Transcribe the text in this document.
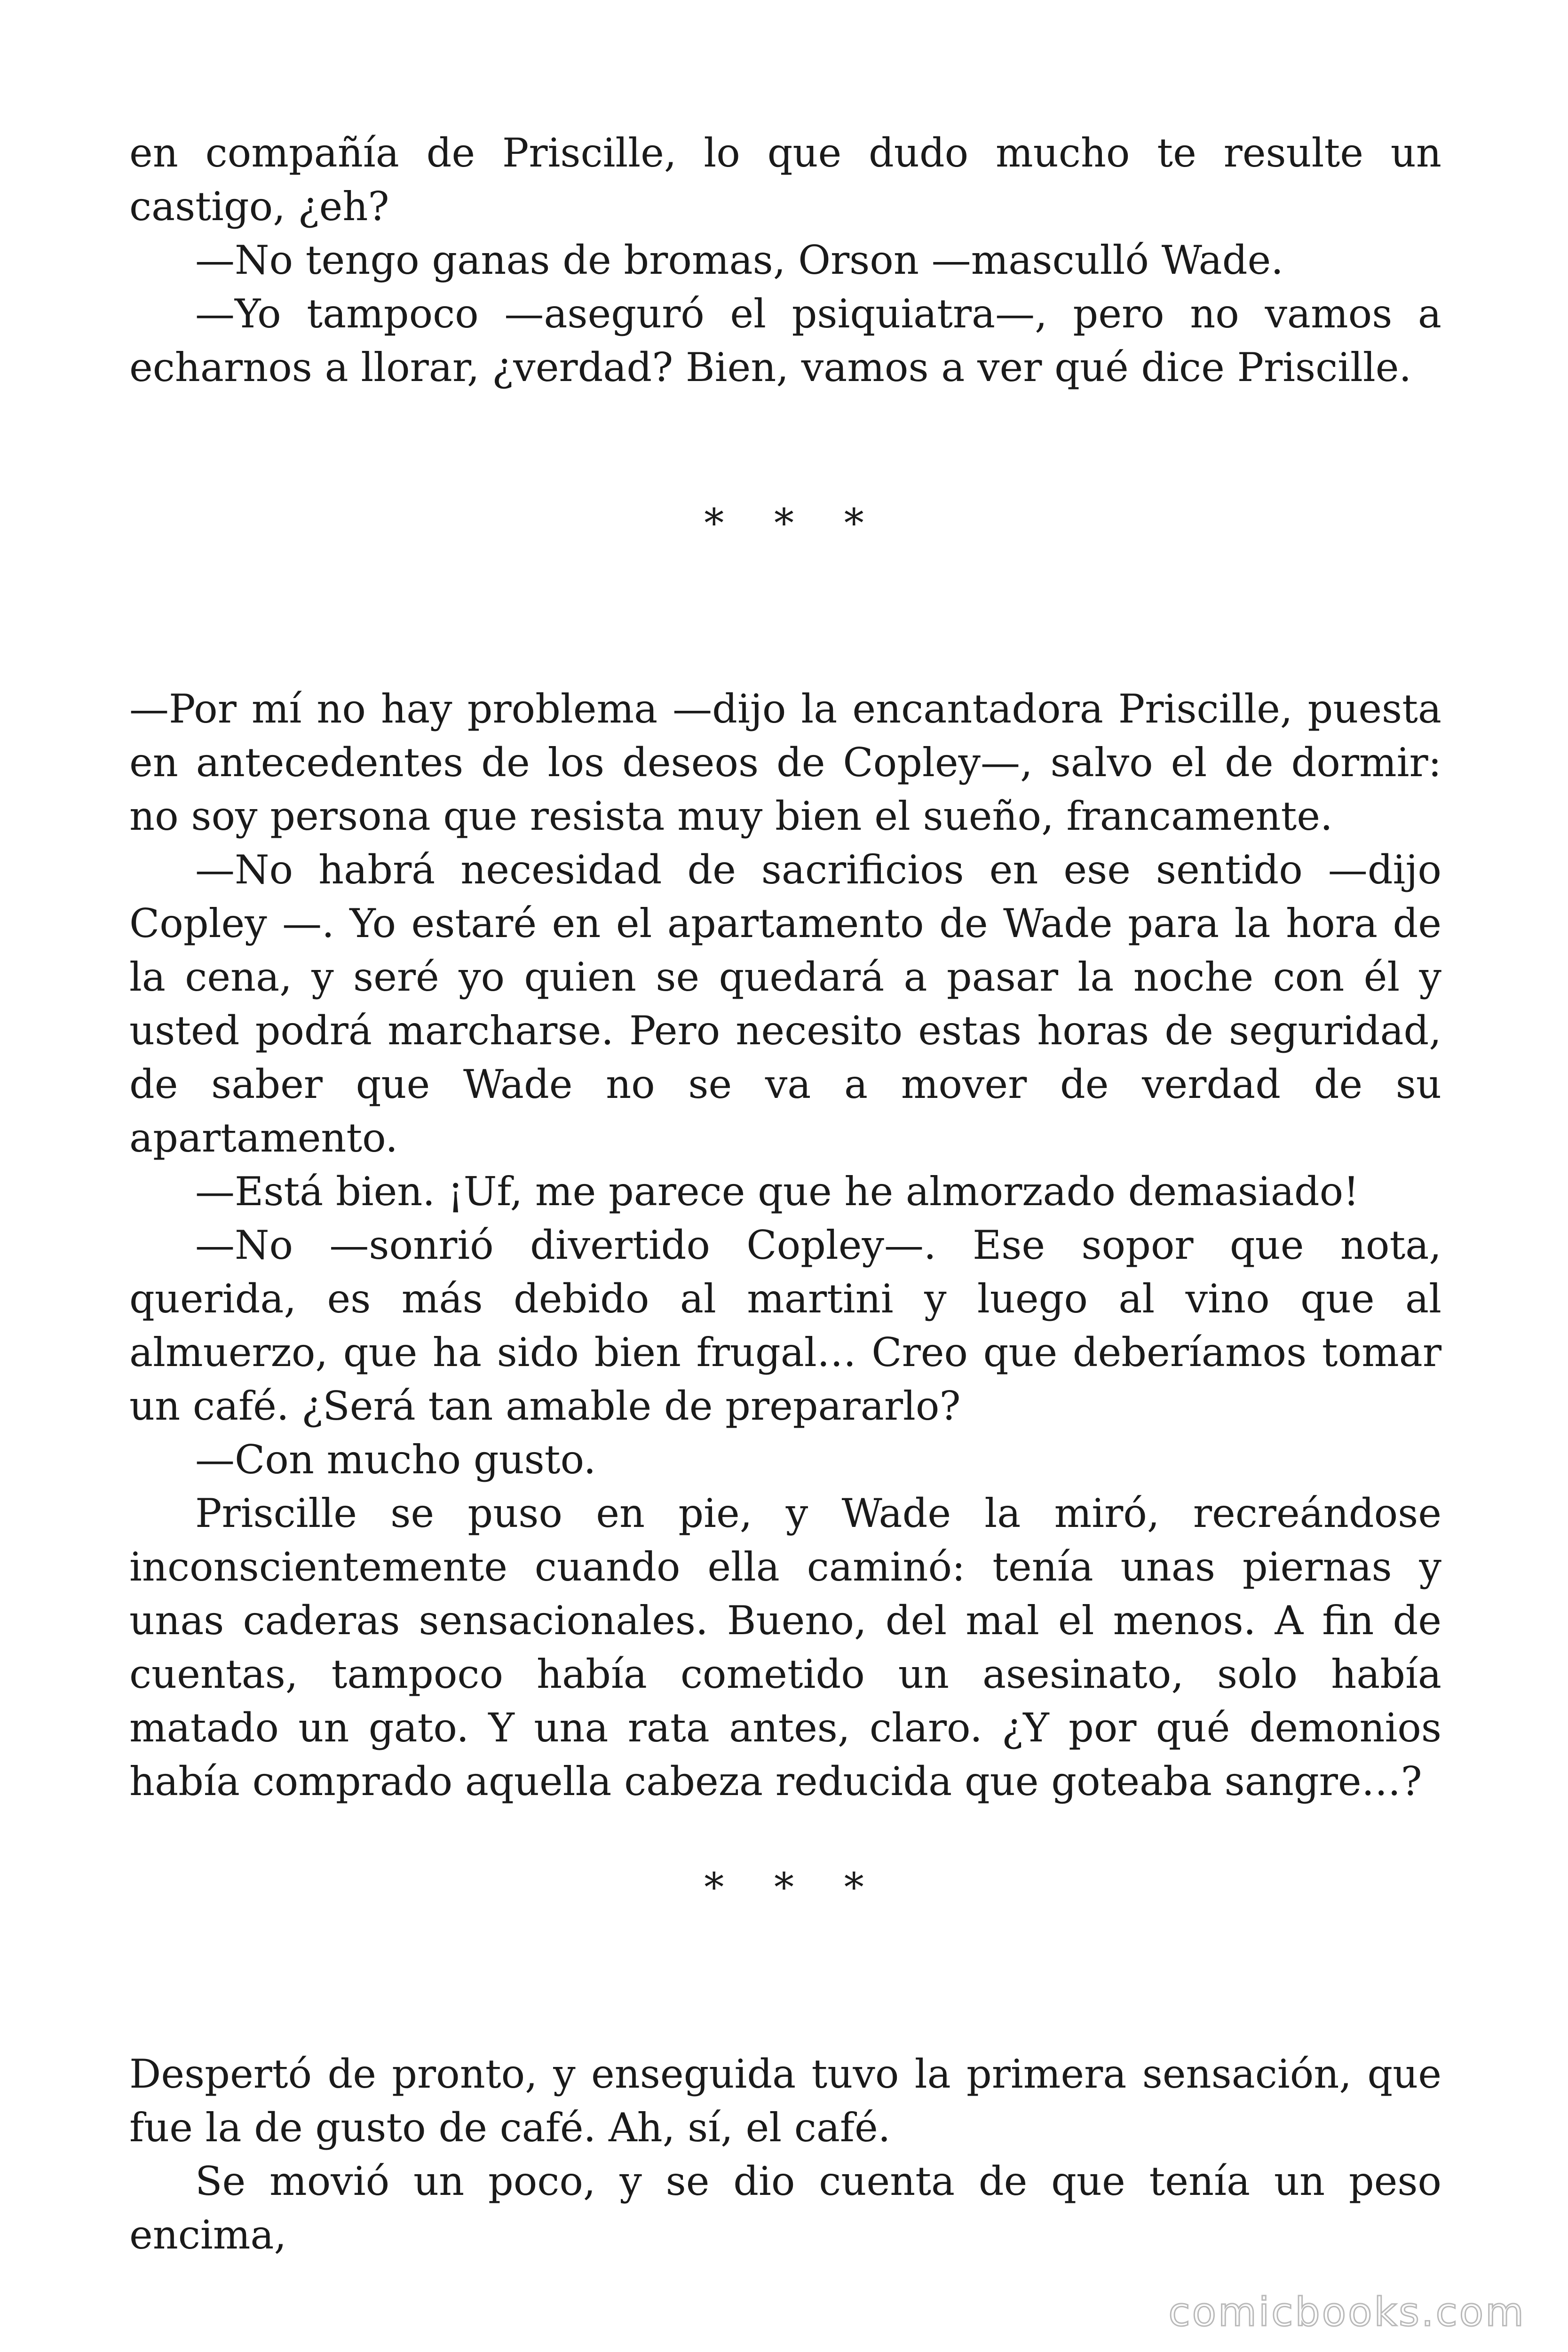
en compañía de Priscille, lo que dudo mucho te resulte un castigo, ¿eh?

—No tengo ganas de bromas, Orson —masculló Wade.

—Yo tampoco —aseguró el psiquiatra—, pero no vamos a echarnos a llorar, ¿verdad? Bien, vamos a ver qué dice Priscille.

* * *

—Por mí no hay problema —dijo la encantadora Priscille, puesta en antecedentes de los deseos de Copley—, salvo el de dormir: no soy persona que resista muy bien el sueño, francamente.

—No habrá necesidad de sacrificios en ese sentido —dijo Copley —. Yo estaré en el apartamento de Wade para la hora de la cena, y seré yo quien se quedará a pasar la noche con él y usted podrá marcharse. Pero necesito estas horas de seguridad, de saber que Wade no se va a mover de verdad de su apartamento.

—Está bien. ¡Uf, me parece que he almorzado demasiado!

—No —sonrió divertido Copley—. Ese sopor que nota, querida, es más debido al martini y luego al vino que al almuerzo, que ha sido bien frugal… Creo que deberíamos tomar un café. ¿Será tan amable de prepararlo?

—Con mucho gusto.

Priscille se puso en pie, y Wade la miró, recreándose inconscientemente cuando ella caminó: tenía unas piernas y unas caderas sensacionales. Bueno, del mal el menos. A fin de cuentas, tampoco había cometido un asesinato, solo había matado un gato. Y una rata antes, claro. ¿Y por qué demonios había comprado aquella cabeza reducida que goteaba sangre…?

* * *

Despertó de pronto, y enseguida tuvo la primera sensación, que fue la de gusto de café. Ah, sí, el café.

Se movió un poco, y se dio cuenta de que tenía un peso encima,

comicbooks.com
